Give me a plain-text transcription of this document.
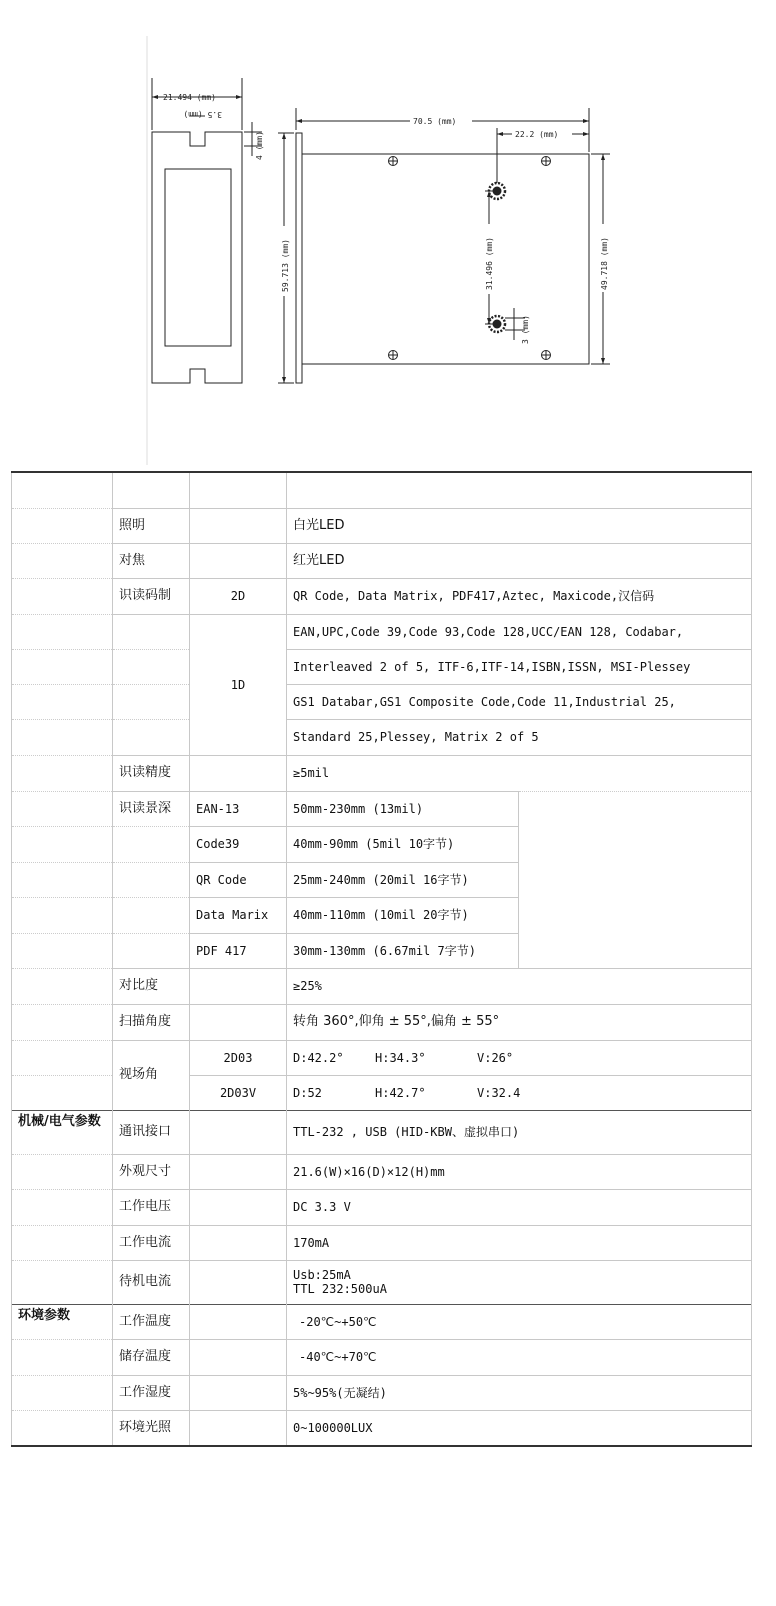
21.494 (mm)
3.5 (mm)
4 (mm)
70.5 (mm)
22.2 (mm)
59.713 (mm)	49.718 (mm)
31.496 (mm)
3 (mm)

	照明		白光LED	
	对焦		红光LED	
	识读码制	2D	QR Code, Data Matrix, PDF417,Aztec, Maxicode,汉信码	
		1D	EAN,UPC,Code 39,Code 93,Code 128,UCC/EAN 128, Codabar,	
			Interleaved 2 of 5, ITF-6,ITF-14,ISBN,ISSN, MSI-Plessey	
			GS1 Databar,GS1 Composite Code,Code 11,Industrial 25,	
			Standard 25,Plessey, Matrix 2 of 5	
	识读精度		≥5mil	
	识读景深	EAN-13	50mm-230mm (13mil)	
		Code39	40mm-90mm (5mil 10字节)	
		QR Code	25mm-240mm (20mil 16字节)	
		Data Marix	40mm-110mm (10mil 20字节)	
		PDF 417	30mm-130mm (6.67mil 7字节)	
	对比度		≥25%	
	扫描角度		转角 360°,仰角 ± 55°,偏角 ± 55°	
	视场角	2D03	D:42.2° H:34.3° V:26°	
		2D03V	D:52 H:42.7° V:32.4	
机械/电气参数	通讯接口		TTL-232 , USB (HID-KBW、虚拟串口)	
	外观尺寸		21.6(W)×16(D)×12(H)mm	
	工作电压		DC 3.3 V	
	工作电流		170mA	
	待机电流		Usb:25mA
TTL 232:500uA	

环境参数	工作温度		-20℃~+50℃	
	储存温度		-40℃~+70℃	
	工作湿度		5%~95%(无凝结)	
	环境光照		0~100000LUX	
